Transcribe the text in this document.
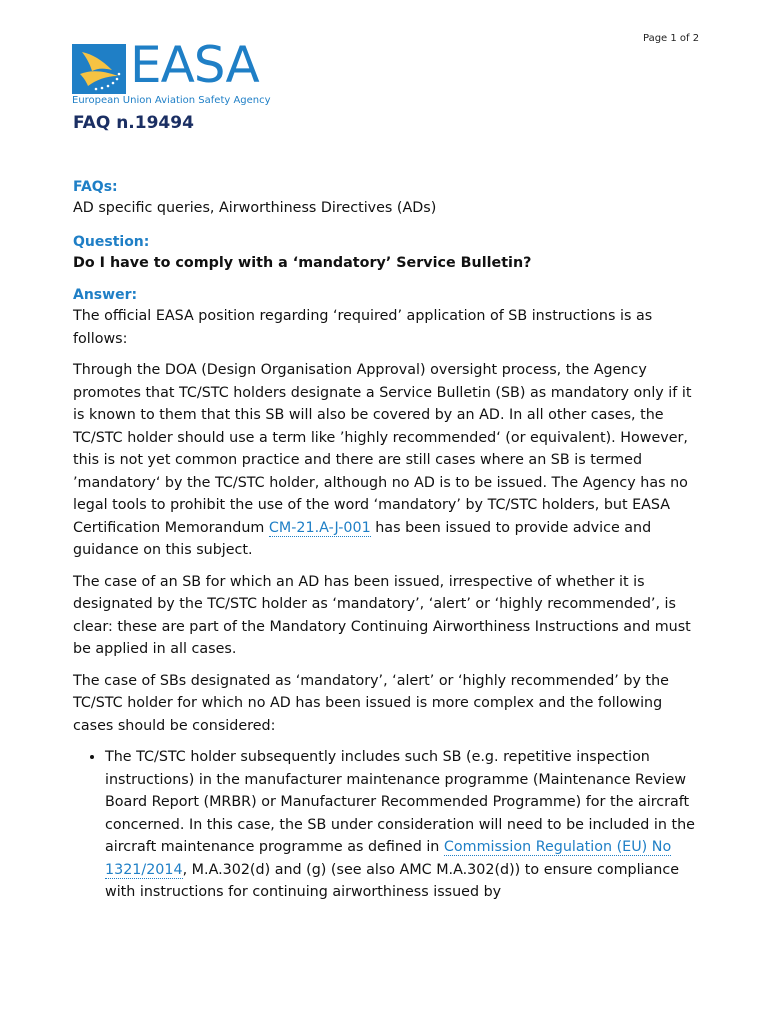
Page 1 of 2
EASA
European Union Aviation Safety Agency
FAQ n.19494
FAQs:
AD specific queries, Airworthiness Directives (ADs)
Question:
Do I have to comply with a ‘mandatory’ Service Bulletin?
Answer:

The official EASA position regarding ‘required’ application of SB instructions is as follows:

Through the DOA (Design Organisation Approval) oversight process, the Agency promotes that TC/STC holders designate a Service Bulletin (SB) as mandatory only if it is known to them that this SB will also be covered by an AD. In all other cases, the TC/STC holder should use a term like ’highly recommended‘ (or equivalent). However, this is not yet common practice and there are still cases where an SB is termed ’mandatory‘ by the TC/STC holder, although no AD is to be issued. The Agency has no legal tools to prohibit the use of the word ‘mandatory’ by TC/STC holders, but EASA Certification Memorandum CM-21.A-J-001 has been issued to provide advice and guidance on this subject.

The case of an SB for which an AD has been issued, irrespective of whether it is designated by the TC/STC holder as ‘mandatory’, ‘alert’ or ‘highly recommended’, is clear: these are part of the Mandatory Continuing Airworthiness Instructions and must be applied in all cases.

The case of SBs designated as ‘mandatory’, ‘alert’ or ‘highly recommended’ by the TC/STC holder for which no AD has been issued is more complex and the following cases should be considered:

• The TC/STC holder subsequently includes such SB (e.g. repetitive inspection instructions) in the manufacturer maintenance programme (Maintenance Review Board Report (MRBR) or Manufacturer Recommended Programme) for the aircraft concerned. In this case, the SB under consideration will need to be included in the aircraft maintenance programme as defined in Commission Regulation (EU) No 1321/2014, M.A.302(d) and (g) (see also AMC M.A.302(d)) to ensure compliance with instructions for continuing airworthiness issued by
